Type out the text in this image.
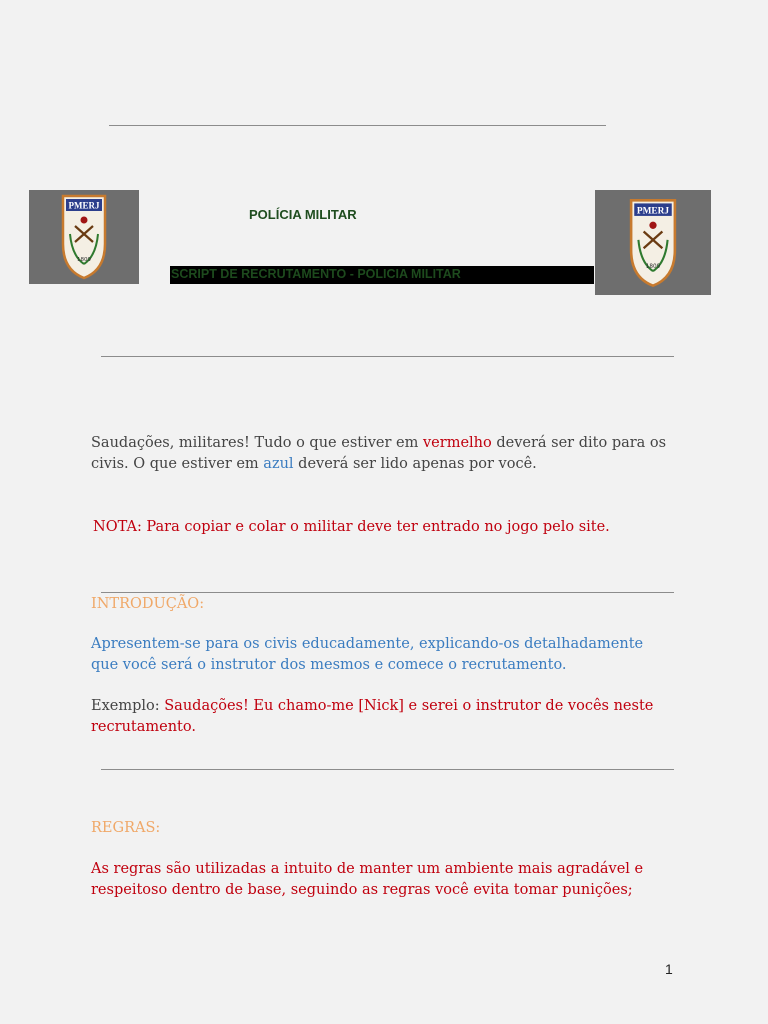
PMERJ
1809
POLÍCIA MILITAR
SCRIPT DE RECRUTAMENTO - POLICIA MILITAR
PMERJ
1809
Saudações, militares! Tudo o que estiver em vermelho deverá ser dito para os civis. O que estiver em azul deverá ser lido apenas por você.
NOTA: Para copiar e colar o militar deve ter entrado no jogo pelo site.
INTRODUÇÃO:
Apresentem-se para os civis educadamente, explicando-os detalhadamente que você será o instrutor dos mesmos e comece o recrutamento.
Exemplo: Saudações! Eu chamo-me [Nick] e serei o instrutor de vocês neste recrutamento.
REGRAS:
As regras são utilizadas a intuito de manter um ambiente mais agradável e respeitoso dentro de base, seguindo as regras você evita tomar punições;
1
